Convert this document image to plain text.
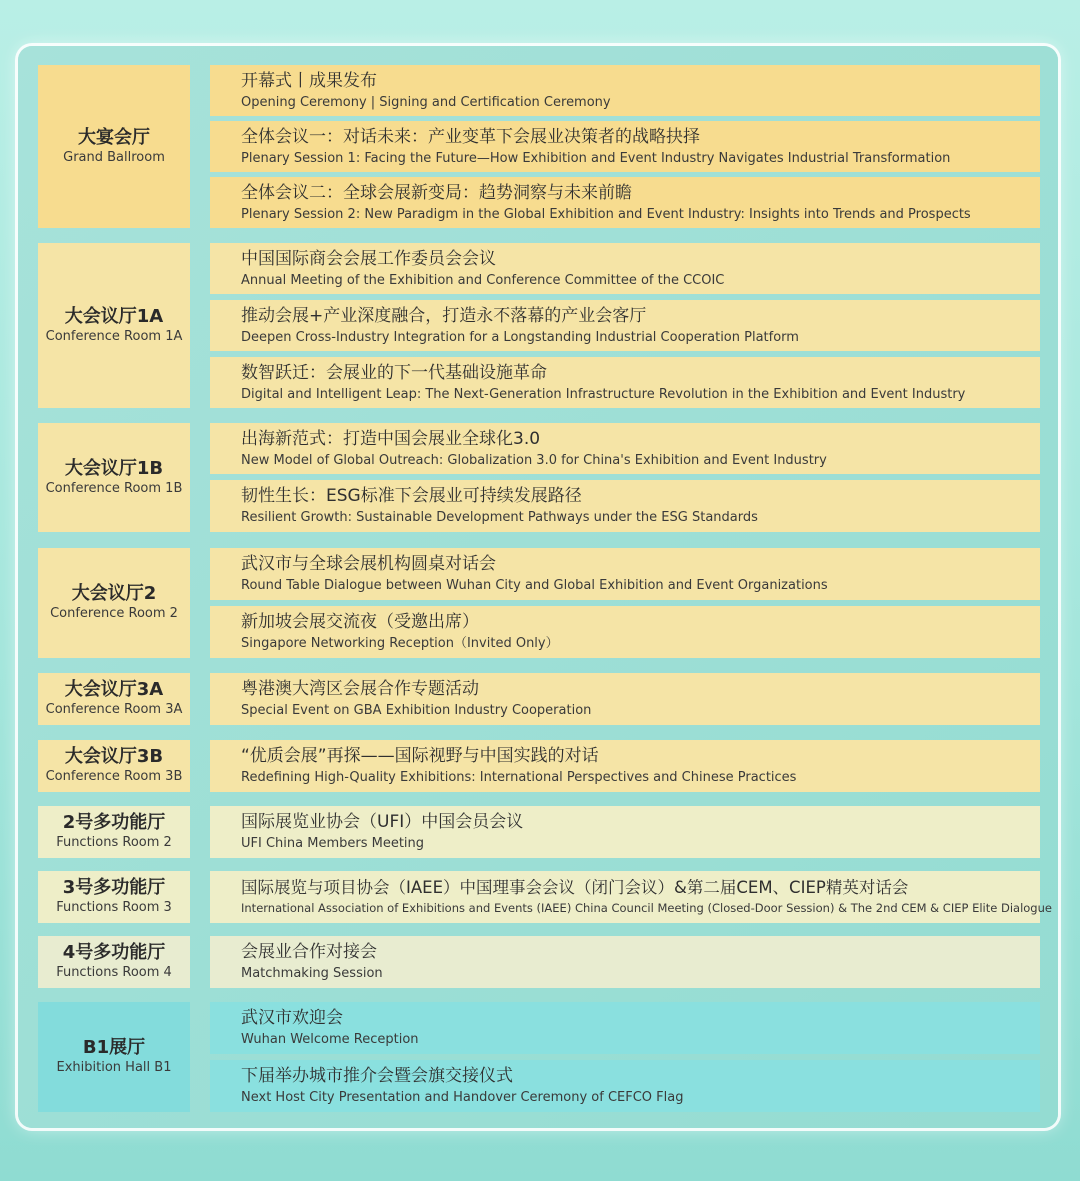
大宴会厅
Grand Ballroom
开幕式丨成果发布
Opening Ceremony | Signing and Certification Ceremony
全体会议一：对话未来：产业变革下会展业决策者的战略抉择
Plenary Session 1: Facing the Future—How Exhibition and Event Industry Navigates Industrial Transformation
全体会议二：全球会展新变局：趋势洞察与未来前瞻
Plenary Session 2: New Paradigm in the Global Exhibition and Event Industry: Insights into Trends and Prospects
大会议厅1A
Conference Room 1A
中国国际商会会展工作委员会会议
Annual Meeting of the Exhibition and Conference Committee of the CCOIC
推动会展+产业深度融合，打造永不落幕的产业会客厅
Deepen Cross-Industry Integration for a Longstanding Industrial Cooperation Platform
数智跃迁：会展业的下一代基础设施革命
Digital and Intelligent Leap: The Next-Generation Infrastructure Revolution in the Exhibition and Event Industry
大会议厅1B
Conference Room 1B
出海新范式：打造中国会展业全球化3.0
New Model of Global Outreach: Globalization 3.0 for China's Exhibition and Event Industry
韧性生长：ESG标准下会展业可持续发展路径
Resilient Growth: Sustainable Development Pathways under the ESG Standards
大会议厅2
Conference Room 2
武汉市与全球会展机构圆桌对话会
Round Table Dialogue between Wuhan City and Global Exhibition and Event Organizations
新加坡会展交流夜（受邀出席）
Singapore Networking Reception（Invited Only）
大会议厅3A
Conference Room 3A
粤港澳大湾区会展合作专题活动
Special Event on GBA Exhibition Industry Cooperation
大会议厅3B
Conference Room 3B
“优质会展”再探——国际视野与中国实践的对话
Redefining High-Quality Exhibitions: International Perspectives and Chinese Practices
2号多功能厅
Functions Room 2
国际展览业协会（UFI）中国会员会议
UFI China Members Meeting
3号多功能厅
Functions Room 3
国际展览与项目协会（IAEE）中国理事会会议（闭门会议）&第二届CEM、CIEP精英对话会
International Association of Exhibitions and Events (IAEE) China Council Meeting (Closed-Door Session) & The 2nd CEM & CIEP Elite Dialogue
4号多功能厅
Functions Room 4
会展业合作对接会
Matchmaking Session
B1展厅
Exhibition Hall B1
武汉市欢迎会
Wuhan Welcome Reception
下届举办城市推介会暨会旗交接仪式
Next Host City Presentation and Handover Ceremony of CEFCO Flag
